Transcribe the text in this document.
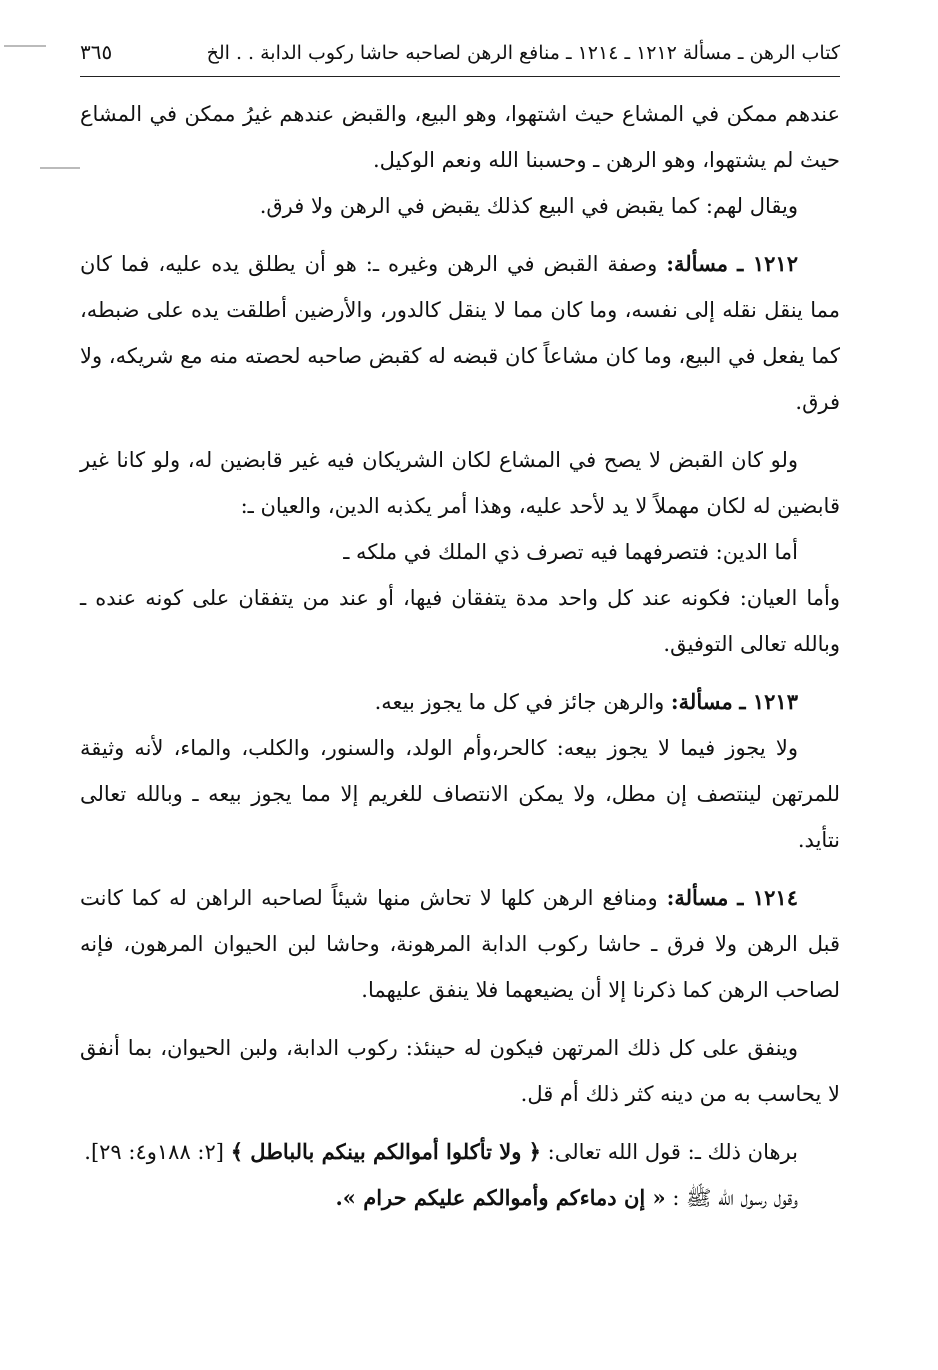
كتاب الرهن ـ مسألة ١٢١٢ ـ ١٢١٤ ـ منافع الرهن لصاحبه حاشا ركوب الدابة . . الخ
٣٦٥

عندهم ممكن في المشاع حيث اشتهوا، وهو البيع، والقبض عندهم غيرُ ممكن في المشاع حيث لم يشتهوا، وهو الرهن ـ وحسبنا الله ونعم الوكيل.

ويقال لهم: كما يقبض في البيع كذلك يقبض في الرهن ولا فرق.

١٢١٢ ـ مسألة: وصفة القبض في الرهن وغيره ـ: هو أن يطلق يده عليه، فما كان مما ينقل نقله إلى نفسه، وما كان مما لا ينقل كالدور، والأرضين أطلقت يده على ضبطه، كما يفعل في البيع، وما كان مشاعاً كان قبضه له كقبض صاحبه لحصته منه مع شريكه، ولا فرق.

ولو كان القبض لا يصح في المشاع لكان الشريكان فيه غير قابضين له، ولو كانا غير قابضين له لكان مهملاً لا يد لأحد عليه، وهذا أمر يكذبه الدين، والعيان ـ:

أما الدين: فتصرفهما فيه تصرف ذي الملك في ملكه ـ

وأما العيان: فكونه عند كل واحد مدة يتفقان فيها، أو عند من يتفقان على كونه عنده ـ وبالله تعالى التوفيق.

١٢١٣ ـ مسألة: والرهن جائز في كل ما يجوز بيعه.

ولا يجوز فيما لا يجوز بيعه: كالحر،وأم الولد، والسنور، والكلب، والماء، لأنه وثيقة للمرتهن لينتصف إن مطل، ولا يمكن الانتصاف للغريم إلا مما يجوز بيعه ـ وبالله تعالى نتأيد.

١٢١٤ ـ مسألة: ومنافع الرهن كلها لا تحاش منها شيئاً لصاحبه الراهن له كما كانت قبل الرهن ولا فرق ـ حاشا ركوب الدابة المرهونة، وحاشا لبن الحيوان المرهون، فإنه لصاحب الرهن كما ذكرنا إلا أن يضيعهما فلا ينفق عليهما.

وينفق على كل ذلك المرتهن فيكون له حينئذ: ركوب الدابة، ولبن الحيوان، بما أنفق لا يحاسب به من دينه كثر ذلك أم قل.

برهان ذلك ـ: قول الله تعالى: ﴿ ولا تأكلوا أموالكم بينكم بالباطل ﴾ [٢: ١٨٨و٤: ٢٩].

وقول رسول الله ﷺ : « إن دماءكم وأموالكم عليكم حرام ».
